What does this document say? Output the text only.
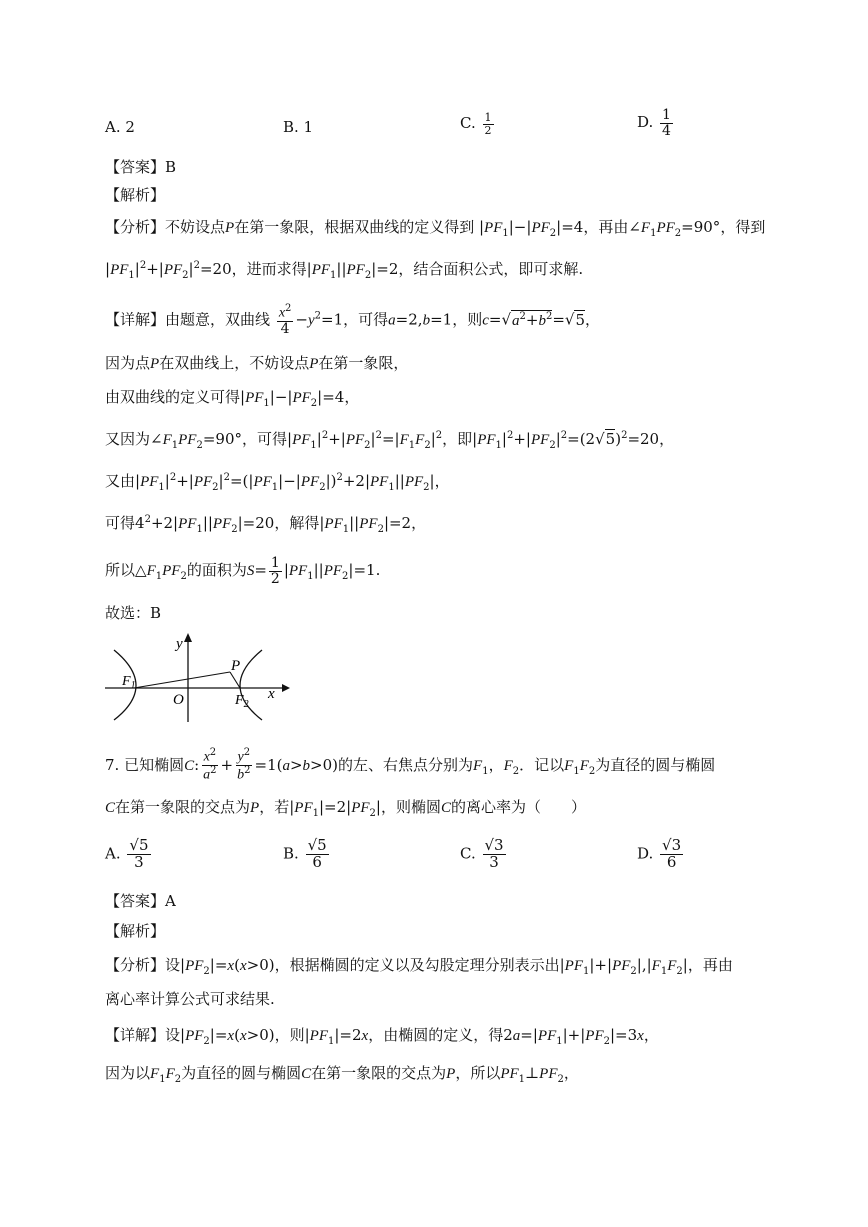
A. 2	B. 1	C. $\frac{1}{2}$	D. $\frac{1}{4}$
【答案】B
【解析】
【分析】不妨设点P在第一象限，根据双曲线的定义得到 $|PF_1|-|PF_2|=4$，再由$\angle F_1PF_2=90^\circ$，得到
$|PF_1|^2+|PF_2|^2=20$，进而求得$|PF_1||PF_2|=2$，结合面积公式，即可求解.
【详解】由题意，双曲线 $\frac{x^2}{4} -y^2=1$，可得a=2,b=1，则$c=√a^2+b^2=√5$，
因为点P在双曲线上，不妨设点P在第一象限，
由双曲线的定义可得$|PF_1|-|PF_2|=4$，
又因为$\angle F_1PF_2=90^\circ$，可得$|PF_1|^2+|PF_2|^2=|F_1F_2|^2$，即$|PF_1|^2+|PF_2|^2=(2√5)^2=20$，
又由$|PF_1|^2+|PF_2|^2=(|PF_1|-|PF_2|)^2+2|PF_1||PF_2|$，
可得$4^2+2|PF_1||PF_2|=20$，解得$|PF_1||PF_2|=2$，
所以$\triangle F_1PF_2$的面积为$S= \frac{1}{2} |PF_1||PF_2|=1$.
故选：B
y
x
O
P
$F_1$
$F_2$
7. 已知椭圆C: $\frac{x^2}{a^2} + \frac{y^2}{b^2} =1(a>b>0)$的左、右焦点分别为$F_1$，$F_2$．记以$F_1F_2$为直径的圆与椭圆
C在第一象限的交点为P，若$|PF_1|=2|PF_2|$，则椭圆C的离心率为（　　）
A. $\frac{√5}{3}$	B. $\frac{√5}{6}$	C. $\frac{√3}{3}$	D. $\frac{√3}{6}$
【答案】A
【解析】
【分析】设$|PF_2|=x(x>0)$，根据椭圆的定义以及勾股定理分别表示出$|PF_1|+|PF_2|,|F_1F_2|$，再由
离心率计算公式可求结果.
【详解】设$|PF_2|=x(x>0)$，则$|PF_1|=2x$，由椭圆的定义，得$2a=|PF_1|+|PF_2|=3x$，
因为以$F_1F_2$为直径的圆与椭圆C在第一象限的交点为P，所以$PF_1\perp PF_2$，
